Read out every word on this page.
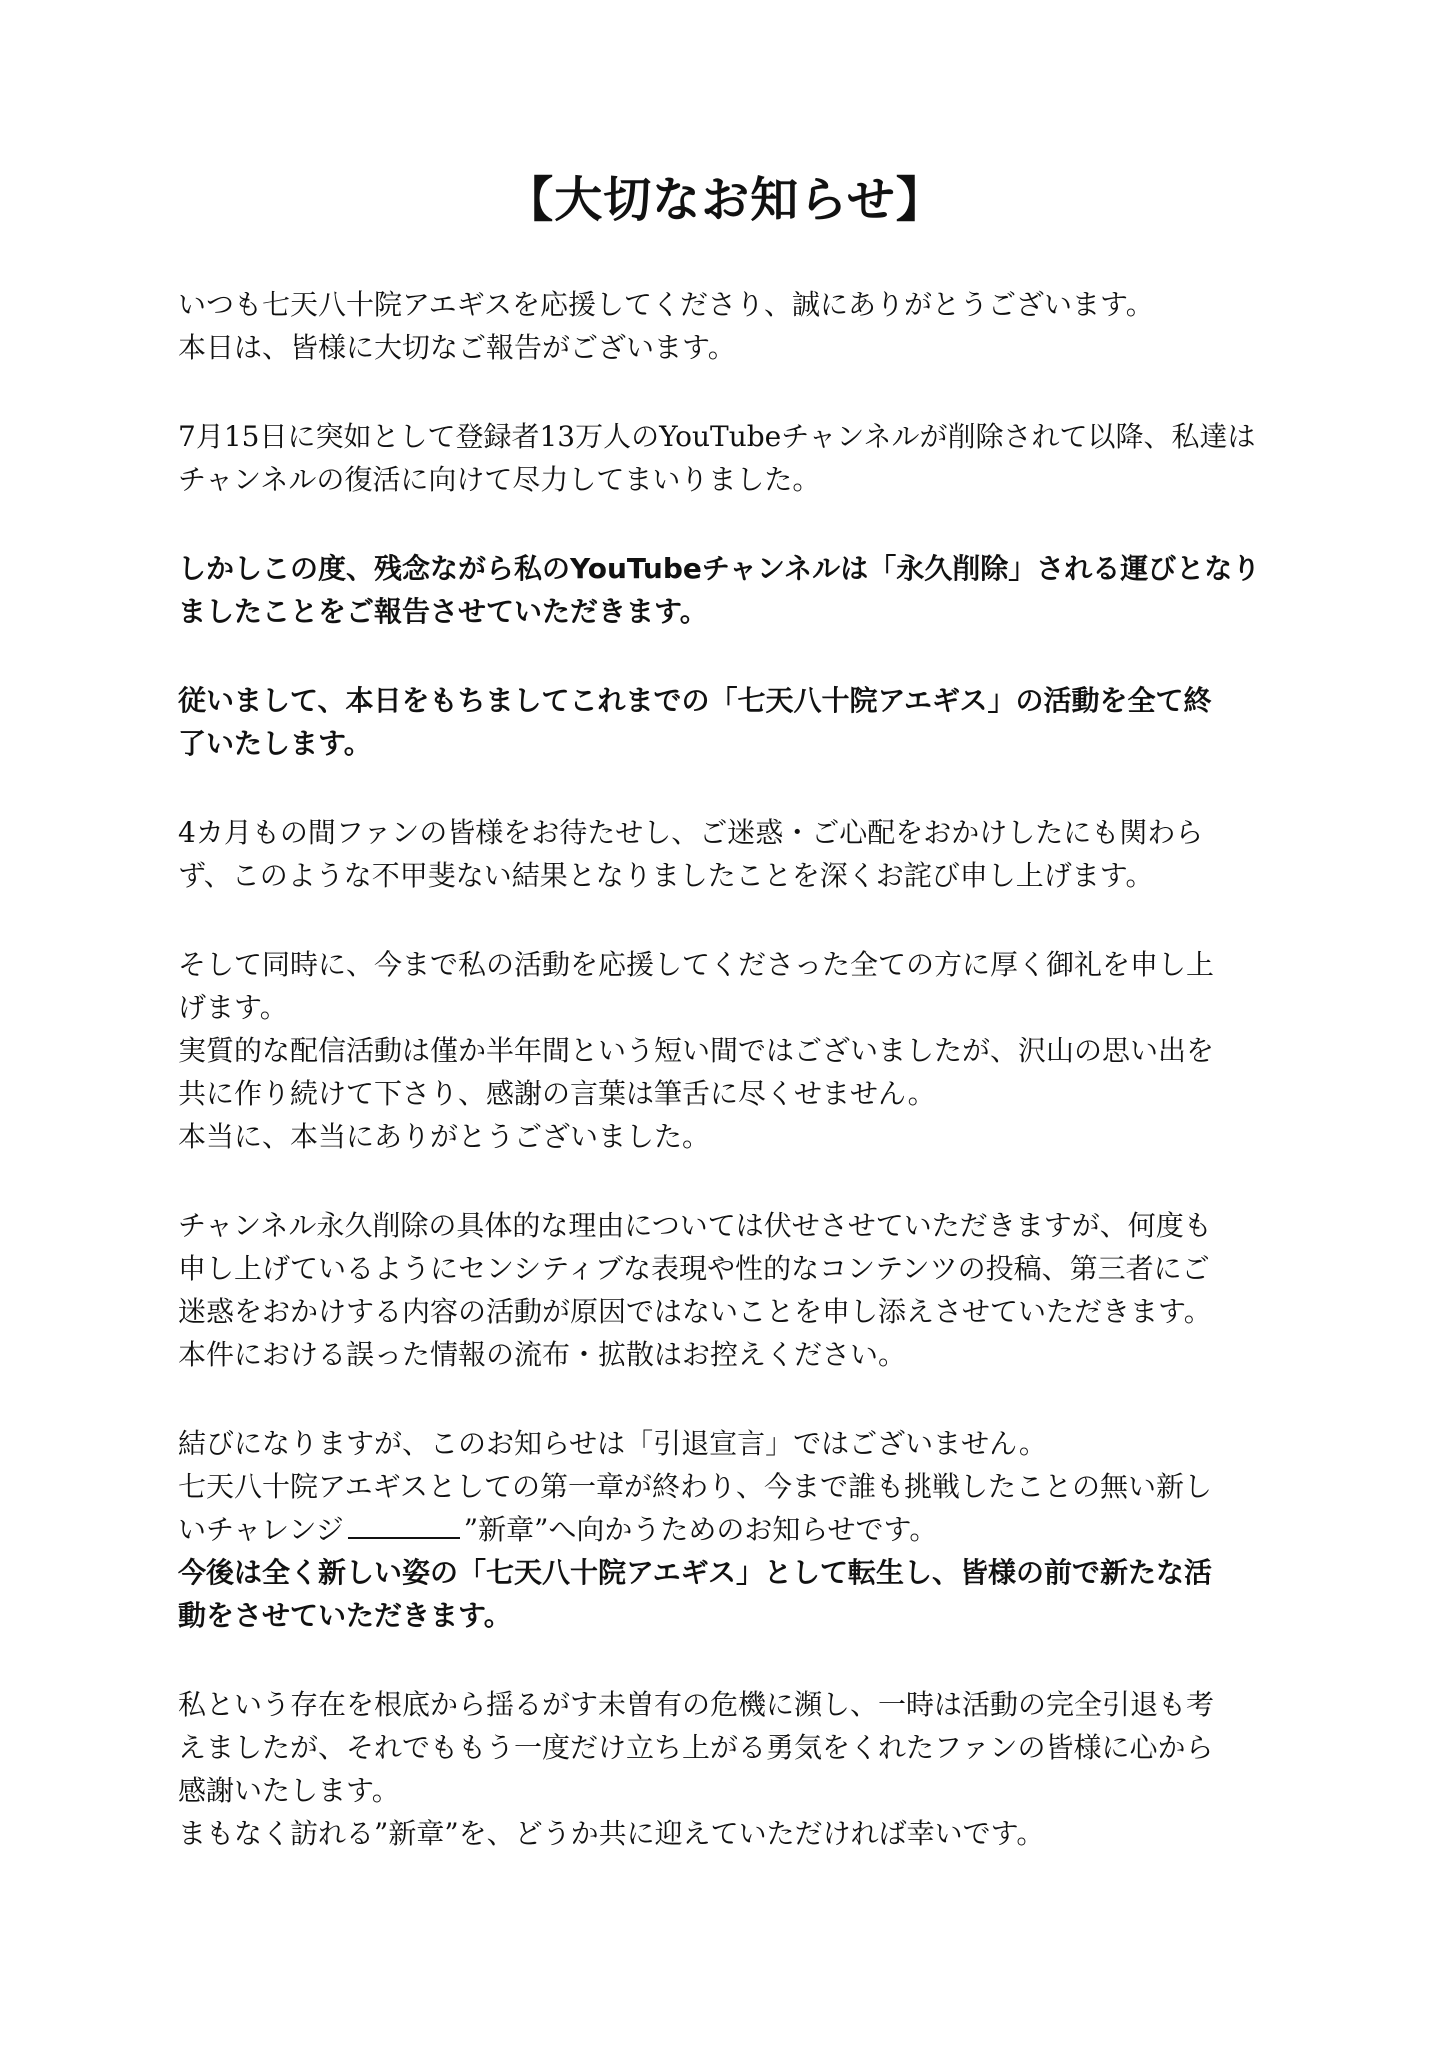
【大切なお知らせ】
いつも七天八十院アエギスを応援してくださり、誠にありがとうございます。
本日は、皆様に大切なご報告がございます。
7月15日に突如として登録者13万人のYouTubeチャンネルが削除されて以降、私達は
チャンネルの復活に向けて尽力してまいりました。
しかしこの度、残念ながら私のYouTubeチャンネルは「永久削除」される運びとなり
ましたことをご報告させていただきます。
従いまして、本日をもちましてこれまでの「七天八十院アエギス」の活動を全て終
了いたします。
4カ月もの間ファンの皆様をお待たせし、ご迷惑・ご心配をおかけしたにも関わら
ず、このような不甲斐ない結果となりましたことを深くお詫び申し上げます。
そして同時に、今まで私の活動を応援してくださった全ての方に厚く御礼を申し上
げます。
実質的な配信活動は僅か半年間という短い間ではございましたが、沢山の思い出を
共に作り続けて下さり、感謝の言葉は筆舌に尽くせません。
本当に、本当にありがとうございました。
チャンネル永久削除の具体的な理由については伏せさせていただきますが、何度も
申し上げているようにセンシティブな表現や性的なコンテンツの投稿、第三者にご
迷惑をおかけする内容の活動が原因ではないことを申し添えさせていただきます。
本件における誤った情報の流布・拡散はお控えください。
結びになりますが、このお知らせは「引退宣言」ではございません。
七天八十院アエギスとしての第一章が終わり、今まで誰も挑戦したことの無い新し
いチャレンジ	”新章”へ向かうためのお知らせです。
今後は全く新しい姿の「七天八十院アエギス」として転生し、皆様の前で新たな活
動をさせていただきます。
私という存在を根底から揺るがす未曽有の危機に瀕し、一時は活動の完全引退も考
えましたが、それでももう一度だけ立ち上がる勇気をくれたファンの皆様に心から
感謝いたします。
まもなく訪れる”新章”を、どうか共に迎えていただければ幸いです。
